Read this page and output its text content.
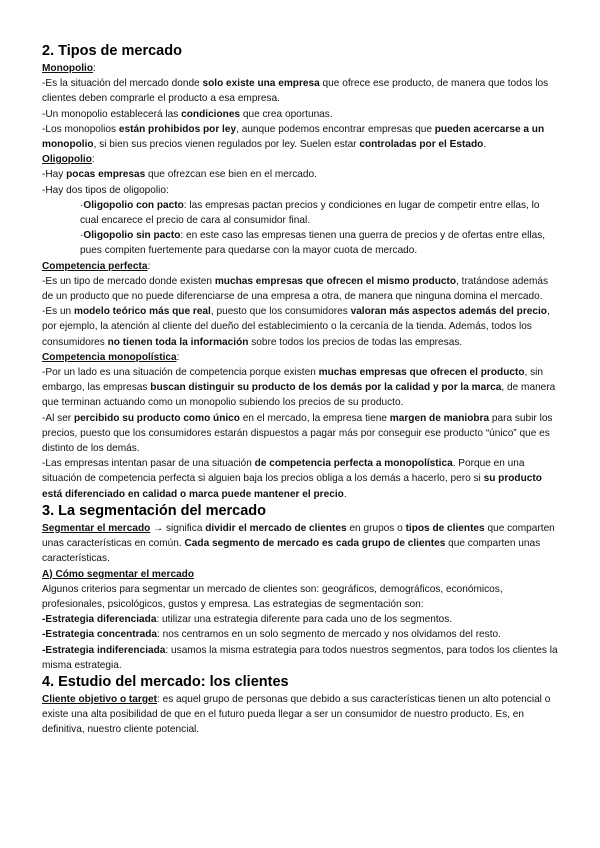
2. Tipos de mercado

Monopolio:

-Es la situación del mercado donde solo existe una empresa que ofrece ese producto, de manera que todos los clientes deben comprarle el producto a esa empresa.

-Un monopolio establecerá las condiciones que crea oportunas.

-Los monopolios están prohibidos por ley, aunque podemos encontrar empresas que pueden acercarse a un monopolio, si bien sus precios vienen regulados por ley. Suelen estar controladas por el Estado.

Oligopolio:

-Hay pocas empresas que ofrezcan ese bien en el mercado.

-Hay dos tipos de oligopolio:

·Oligopolio con pacto: las empresas pactan precios y condiciones en lugar de competir entre ellas, lo cual encarece el precio de cara al consumidor final.

·Oligopolio sin pacto: en este caso las empresas tienen una guerra de precios y de ofertas entre ellas, pues compiten fuertemente para quedarse con la mayor cuota de mercado.

Competencia perfecta:

-Es un tipo de mercado donde existen muchas empresas que ofrecen el mismo producto, tratándose además de un producto que no puede diferenciarse de una empresa a otra, de manera que ninguna domina el mercado.

-Es un modelo teórico más que real, puesto que los consumidores valoran más aspectos además del precio, por ejemplo, la atención al cliente del dueño del establecimiento o la cercanía de la tienda. Además, todos los consumidores no tienen toda la información sobre todos los precios de todas las empresas.

Competencia monopolística:

-Por un lado es una situación de competencia porque existen muchas empresas que ofrecen el producto, sin embargo, las empresas buscan distinguir su producto de los demás por la calidad y por la marca, de manera que terminan actuando como un monopolio subiendo los precios de su producto.

-Al ser percibido su producto como único en el mercado, la empresa tiene margen de maniobra para subir los precios, puesto que los consumidores estarán dispuestos a pagar más por conseguir ese producto “único” que es distinto de los demás.

-Las empresas intentan pasar de una situación de competencia perfecta a monopolística. Porque en una situación de competencia perfecta si alguien baja los precios obliga a los demás a hacerlo, pero si su producto está diferenciado en calidad o marca puede mantener el precio.

3. La segmentación del mercado

Segmentar el mercado → significa dividir el mercado de clientes en grupos o tipos de clientes que comparten unas características en común. Cada segmento de mercado es cada grupo de clientes que comparten unas características.

A) Cómo segmentar el mercado

Algunos criterios para segmentar un mercado de clientes son: geográficos, demográficos, económicos, profesionales, psicológicos, gustos y empresa. Las estrategias de segmentación son:

-Estrategia diferenciada: utilizar una estrategia diferente para cada uno de los segmentos.

-Estrategia concentrada: nos centramos en un solo segmento de mercado y nos olvidamos del resto.

-Estrategia indiferenciada: usamos la misma estrategia para todos nuestros segmentos, para todos los clientes la misma estrategia.

4. Estudio del mercado: los clientes

Cliente objetivo o target: es aquel grupo de personas que debido a sus características tienen un alto potencial o existe una alta posibilidad de que en el futuro pueda llegar a ser un consumidor de nuestro producto. Es, en definitiva, nuestro cliente potencial.
